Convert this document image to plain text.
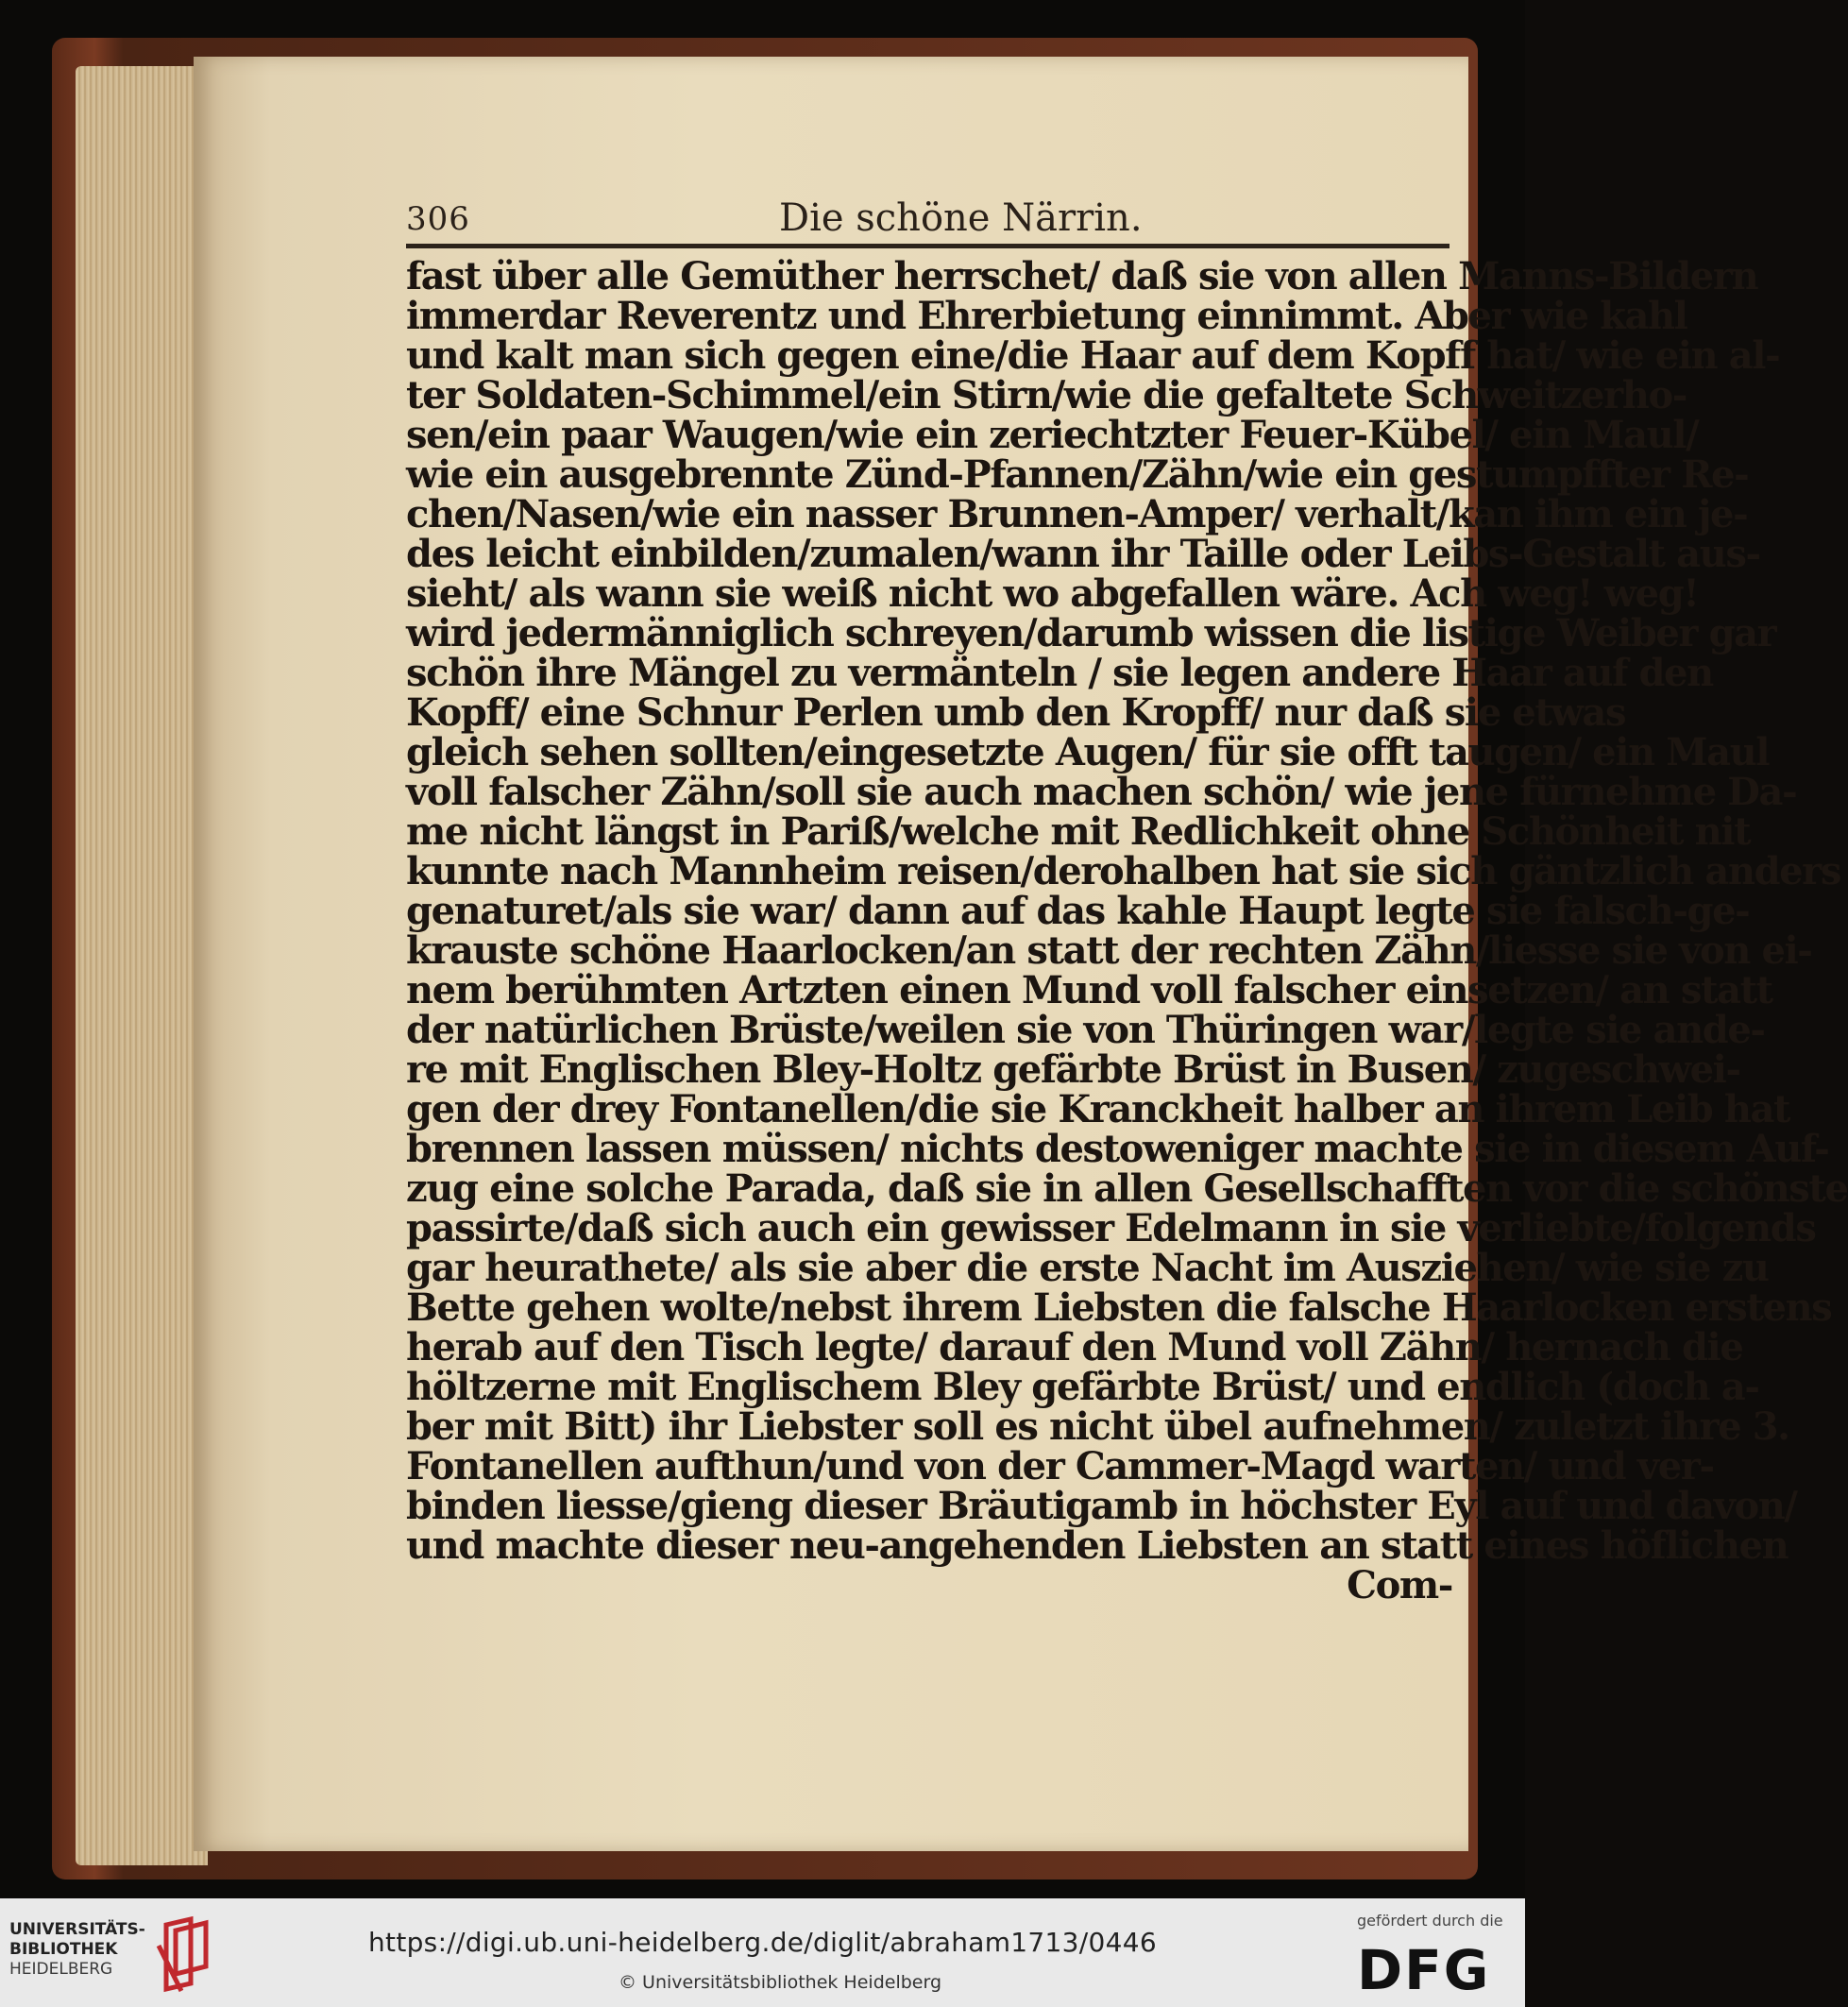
306	Die schöne Närrin.
fast über alle Gemüther herrschet/ daß sie von allen Manns-Bildern
immerdar Reverentz und Ehrerbietung einnimmt. Aber wie kahl
und kalt man sich gegen eine/die Haar auf dem Kopff hat/ wie ein al-
ter Soldaten-Schimmel/ein Stirn/wie die gefaltete Schweitzerho-
sen/ein paar Waugen/wie ein zeriechtzter Feuer-Kübel/ ein Maul/
wie ein ausgebrennte Zünd-Pfannen/Zähn/wie ein gestumpffter Re-
chen/Nasen/wie ein nasser Brunnen-Amper/ verhalt/kan ihm ein je-
des leicht einbilden/zumalen/wann ihr Taille oder Leibs-Gestalt aus-
sieht/ als wann sie weiß nicht wo abgefallen wäre. Ach weg! weg!
wird jedermänniglich schreyen/darumb wissen die listige Weiber gar
schön ihre Mängel zu vermänteln / sie legen andere Haar auf den
Kopff/ eine Schnur Perlen umb den Kropff/ nur daß sie etwas
gleich sehen sollten/eingesetzte Augen/ für sie offt taugen/ ein Maul
voll falscher Zähn/soll sie auch machen schön/ wie jene fürnehme Da-
me nicht längst in Pariß/welche mit Redlichkeit ohne Schönheit nit
kunnte nach Mannheim reisen/derohalben hat sie sich gäntzlich anders
genaturet/als sie war/ dann auf das kahle Haupt legte sie falsch-ge-
krauste schöne Haarlocken/an statt der rechten Zähn/liesse sie von ei-
nem berühmten Artzten einen Mund voll falscher einsetzen/ an statt
der natürlichen Brüste/weilen sie von Thüringen war/legte sie ande-
re mit Englischen Bley-Holtz gefärbte Brüst in Busen/ zugeschwei-
gen der drey Fontanellen/die sie Kranckheit halber an ihrem Leib hat
brennen lassen müssen/ nichts destoweniger machte sie in diesem Auf-
zug eine solche Parada, daß sie in allen Gesellschafften vor die schönste
passirte/daß sich auch ein gewisser Edelmann in sie verliebte/folgends
gar heurathete/ als sie aber die erste Nacht im Ausziehen/ wie sie zu
Bette gehen wolte/nebst ihrem Liebsten die falsche Haarlocken erstens
herab auf den Tisch legte/ darauf den Mund voll Zähn/ hernach die
höltzerne mit Englischem Bley gefärbte Brüst/ und endlich (doch a-
ber mit Bitt) ihr Liebster soll es nicht übel aufnehmen/ zuletzt ihre 3.
Fontanellen aufthun/und von der Cammer-Magd warten/ und ver-
binden liesse/gieng dieser Bräutigamb in höchster Eyl auf und davon/
und machte dieser neu-angehenden Liebsten an statt eines höflichen
Com-
UNIVERSITÄTS-
BIBLIOTHEK
HEIDELBERG
https://digi.ub.uni-heidelberg.de/diglit/abraham1713/0446
© Universitätsbibliothek Heidelberg
gefördert durch die
DFG
